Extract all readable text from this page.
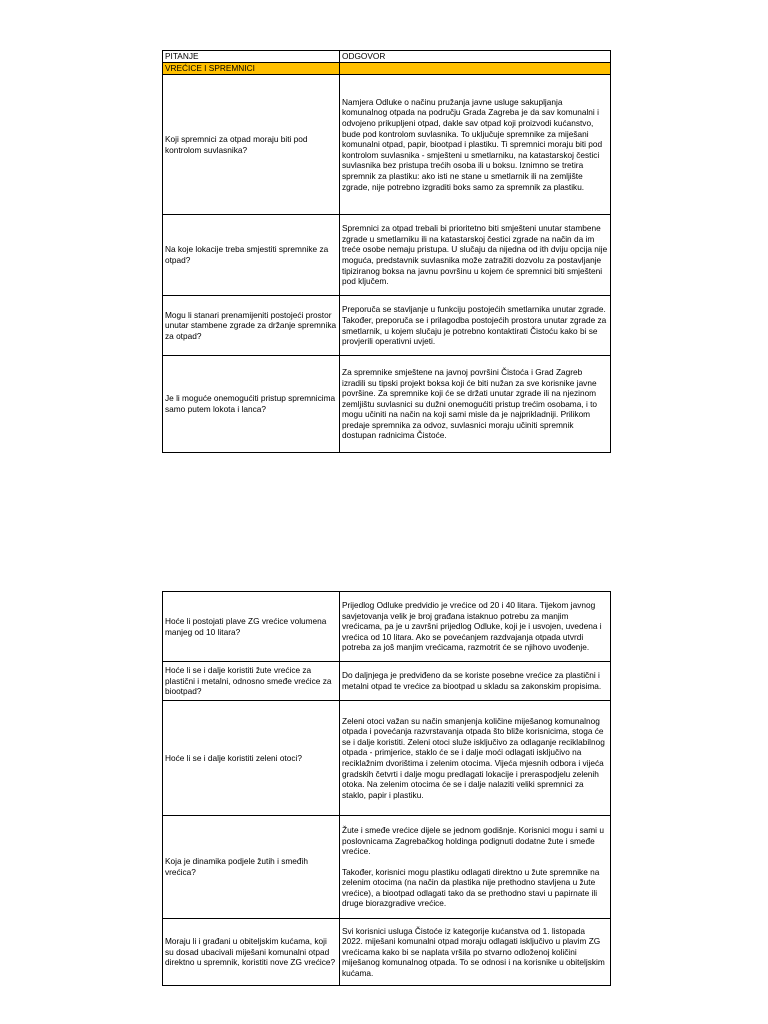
PITANJE	ODGOVOR
VREĆICE I SPREMNICI	
Koji spremnici za otpad moraju biti pod kontrolom suvlasnika?	Namjera Odluke o načinu pružanja javne usluge sakupljanja komunalnog otpada na području Grada Zagreba je da sav komunalni i odvojeno prikupljeni otpad, dakle sav otpad koji proizvodi kućanstvo, bude pod kontrolom suvlasnika. To uključuje spremnike za miješani komunalni otpad, papir, biootpad i plastiku. Ti spremnici moraju biti pod kontrolom suvlasnika - smješteni u smetlarniku, na katastarskoj čestici suvlasnika bez pristupa trećih osoba ili u boksu. Iznimno se tretira spremnik za plastiku: ako isti ne stane u smetlarnik ili na zemljište zgrade, nije potrebno izgraditi boks samo za spremnik za plastiku.
Na koje lokacije treba smjestiti spremnike za otpad?	Spremnici za otpad trebali bi prioritetno biti smješteni unutar stambene zgrade u smetlarniku ili na katastarskoj čestici zgrade na način da im treće osobe nemaju pristupa. U slučaju da nijedna od ith dviju opcija nije moguća, predstavnik suvlasnika može zatražiti dozvolu za postavljanje tipiziranog boksa na javnu površinu u kojem će spremnici biti smješteni pod ključem.
Mogu li stanari prenamijeniti postojeći prostor unutar stambene zgrade za držanje spremnika za otpad?	Preporuča se stavljanje u funkciju postojećih smetlarnika unutar zgrade. Također, preporuča se i prilagodba postojećih prostora unutar zgrade za smetlarnik, u kojem slučaju je potrebno kontaktirati Čistoću kako bi se provjerili operativni uvjeti.
Je li moguće onemogućiti pristup spremnicima samo putem lokota i lanca?	Za spremnike smještene na javnoj površini Čistoća i Grad Zagreb izradili su tipski projekt boksa koji će biti nužan za sve korisnike javne površine. Za spremnike koji će se držati unutar zgrade ili na njezinom zemljištu suvlasnici su dužni onemogućiti pristup trećim osobama, i to mogu učiniti na način na koji sami misle da je najprikladniji. Prilikom predaje spremnika za odvoz, suvlasnici moraju učiniti spremnik dostupan radnicima Čistoće.
Hoće li postojati plave ZG vrećice volumena manjeg od 10 litara?	Prijedlog Odluke predvidio je vrećice od 20 i 40 litara. Tijekom javnog savjetovanja velik je broj građana istaknuo potrebu za manjim vrećicama, pa je u završni prijedlog Odluke, koji je i usvojen, uvedena i vrećica od 10 litara. Ako se povećanjem razdvajanja otpada utvrdi potreba za još manjim vrećicama, razmotrit će se njihovo uvođenje.
Hoće li se i dalje koristiti žute vrećice za plastični i metalni, odnosno smeđe vrećice za biootpad?	Do daljnjega je predviđeno da se koriste posebne vrećice za plastični i metalni otpad te vrećice za biootpad u skladu sa zakonskim propisima.
Hoće li se i dalje koristiti zeleni otoci?	Zeleni otoci važan su način smanjenja količine miješanog komunalnog otpada i povećanja razvrstavanja otpada što bliže korisnicima, stoga će se i dalje koristiti. Zeleni otoci služe isključivo za odlaganje reciklabilnog otpada - primjerice, staklo će se i dalje moći odlagati isključivo na reciklažnim dvorištima i zelenim otocima. Vijeća mjesnih odbora i vijeća gradskih četvrti i dalje mogu predlagati lokacije i preraspodjelu zelenih otoka. Na zelenim otocima će se i dalje nalaziti veliki spremnici za staklo, papir i plastiku.
Koja je dinamika podjele žutih i smeđih vrećica?	Žute i smeđe vrećice dijele se jednom godišnje. Korisnici mogu i sami u poslovnicama Zagrebačkog holdinga podignuti dodatne žute i smeđe vrećice.
Također, korisnici mogu plastiku odlagati direktno u žute spremnike na zelenim otocima (na način da plastika nije prethodno stavljena u žute vrećice), a biootpad odlagati tako da se prethodno stavi u papirnate ili druge biorazgradive vrećice.

Moraju li i građani u obiteljskim kućama, koji su dosad ubacivali miješani komunalni otpad direktno u spremnik, koristiti nove ZG vrećice?	Svi korisnici usluga Čistoće iz kategorije kućanstva od 1. listopada 2022. miješani komunalni otpad moraju odlagati isključivo u plavim ZG vrećicama kako bi se naplata vršila po stvarno odloženoj količini miješanog komunalnog otpada. To se odnosi i na korisnike u obiteljskim kućama.
